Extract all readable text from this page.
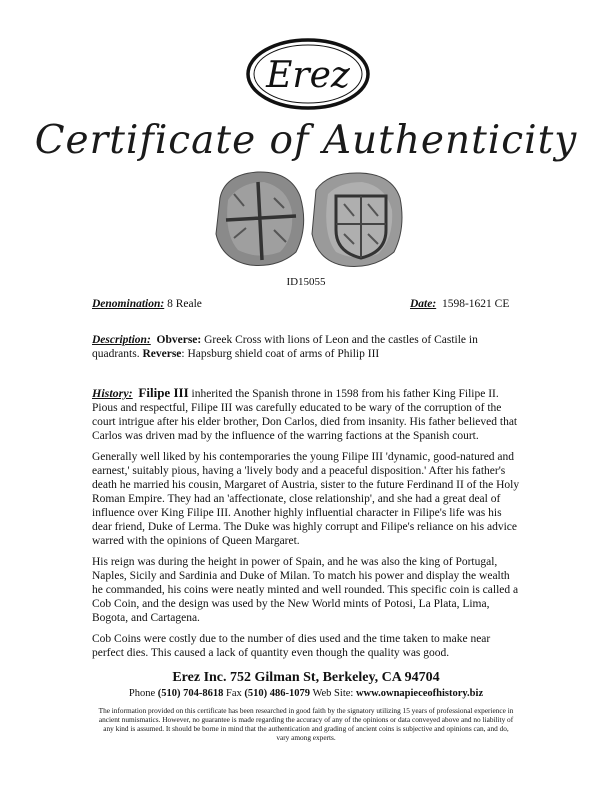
Erez
Certificate of Authenticity
ID15055
Denomination: 8 Reale	Date: 1598-1621 CE
Description: Obverse: Greek Cross with lions of Leon and the castles of Castile in quadrants. Reverse: Hapsburg shield coat of arms of Philip III

History: Filipe III inherited the Spanish throne in 1598 from his father King Filipe II. Pious and respectful, Filipe III was carefully educated to be wary of the corruption of the court intrigue after his elder brother, Don Carlos, died from insanity. His father believed that Carlos was driven mad by the influence of the warring factions at the Spanish court.

Generally well liked by his contemporaries the young Filipe III 'dynamic, good-natured and earnest,' suitably pious, having a 'lively body and a peaceful disposition.' After his father's death he married his cousin, Margaret of Austria, sister to the future Ferdinand II of the Holy Roman Empire. They had an 'affectionate, close relationship', and she had a great deal of influence over King Filipe III. Another highly influential character in Filipe's life was his dear friend, Duke of Lerma. The Duke was highly corrupt and Filipe's reliance on his advice warred with the opinions of Queen Margaret.

His reign was during the height in power of Spain, and he was also the king of Portugal, Naples, Sicily and Sardinia and Duke of Milan. To match his power and display the wealth he commanded, his coins were neatly minted and well rounded. This specific coin is called a Cob Coin, and the design was used by the New World mints of Potosi, La Plata, Lima, Bogota, and Cartagena.

Cob Coins were costly due to the number of dies used and the time taken to make near perfect dies. This caused a lack of quantity even though the quality was good.

Erez Inc. 752 Gilman St, Berkeley, CA 94704
Phone (510) 704-8618 Fax (510) 486-1079 Web Site: www.ownapieceofhistory.biz
The information provided on this certificate has been researched in good faith by the signatory utilizing 15 years of professional experience in ancient numismatics. However, no guarantee is made regarding the accuracy of any of the opinions or data conveyed above and no liability of any kind is assumed. It should be borne in mind that the authentication and grading of ancient coins is subjective and opinions can, and do, vary among experts.
